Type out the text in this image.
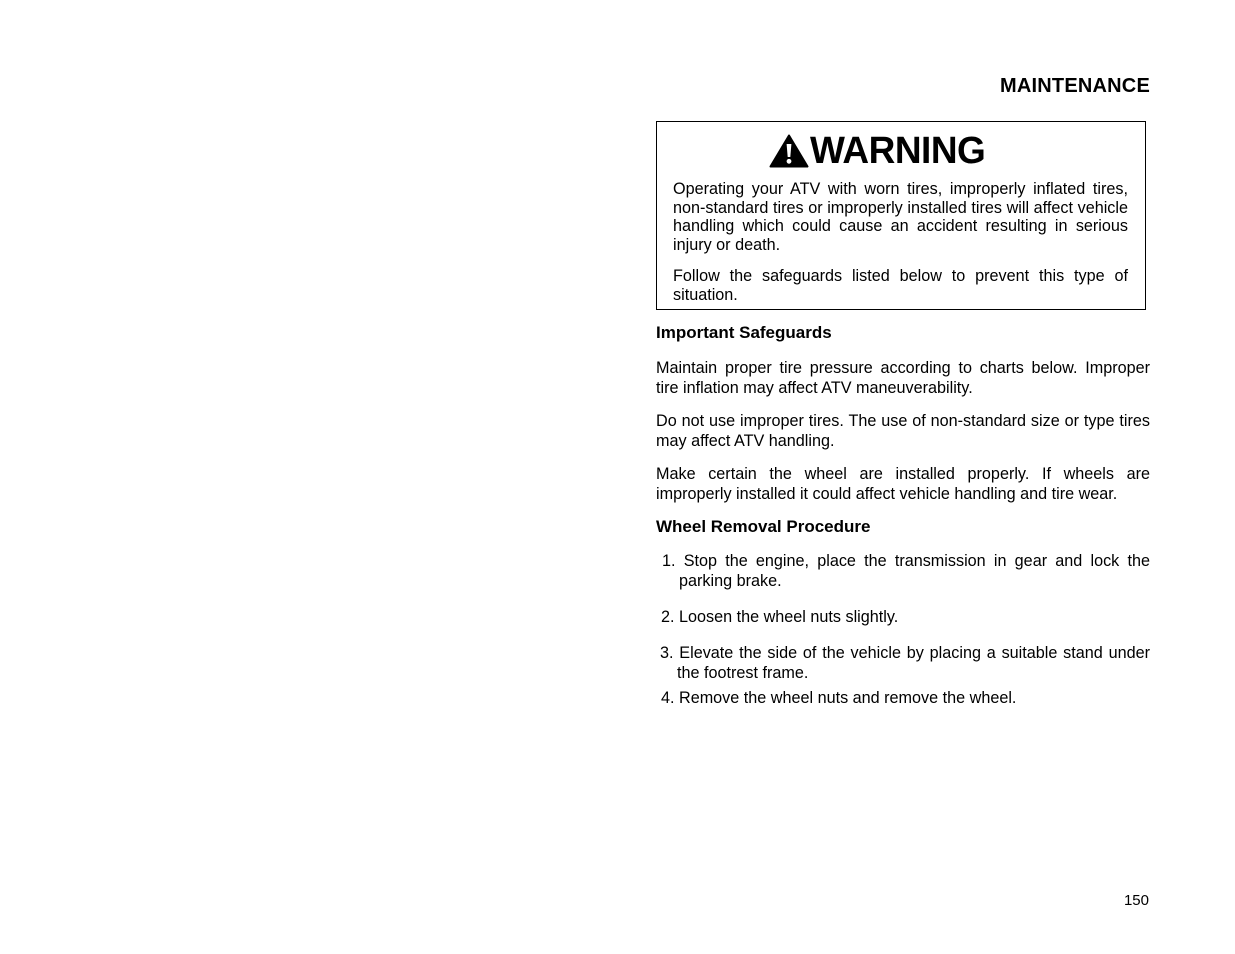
MAINTENANCE
WARNING
Operating your ATV with worn tires, improperly inflated tires, non-standard tires or improperly installed tires will affect vehicle handling which could cause an accident resulting in serious injury or death.
Follow the safeguards listed below to prevent this type of situation.
Important Safeguards
Maintain proper tire pressure according to charts below. Improper tire inflation may affect ATV maneuverability.
Do not use improper tires. The use of non-standard size or type tires may affect ATV handling.
Make certain the wheel are installed properly. If wheels are improperly installed it could affect vehicle handling and tire wear.
Wheel Removal Procedure
1. Stop the engine, place the transmission in gear and lock the parking brake.
2. Loosen the wheel nuts slightly.
3. Elevate the side of the vehicle by placing a suitable stand under the footrest frame.
4. Remove the wheel nuts and remove the wheel.
150
